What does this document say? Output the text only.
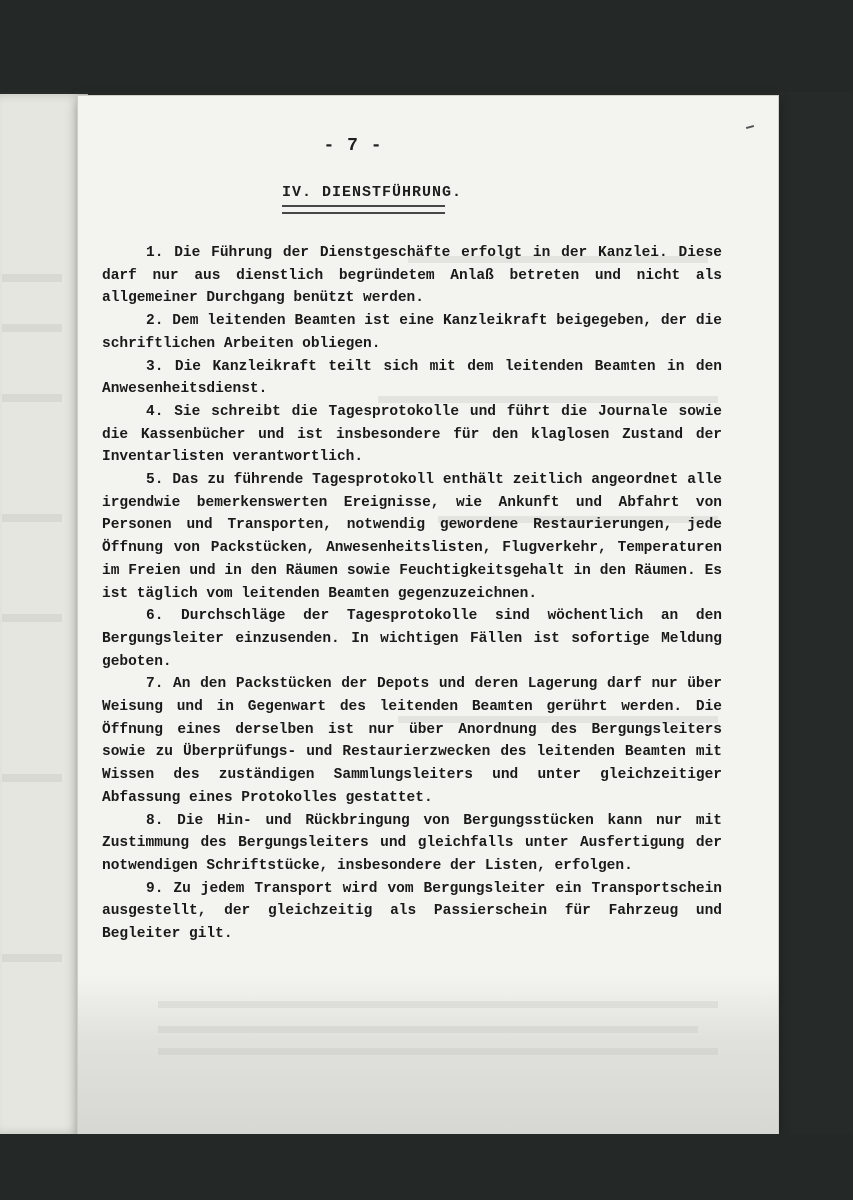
- 7 -
IV. DIENSTFÜHRUNG.

1. Die Führung der Dienstgeschäfte erfolgt in der Kanzlei. Diese darf nur aus dienstlich begründetem Anlaß betreten und nicht als allgemeiner Durchgang benützt werden.

2. Dem leitenden Beamten ist eine Kanzleikraft beigegeben, der die schriftlichen Arbeiten obliegen.

3. Die Kanzleikraft teilt sich mit dem leitenden Beamten in den Anwesenheitsdienst.

4. Sie schreibt die Tagesprotokolle und führt die Journale sowie die Kassenbücher und ist insbesondere für den klaglosen Zustand der Inventarlisten verantwortlich.

5. Das zu führende Tagesprotokoll enthält zeitlich angeordnet alle irgendwie bemerkenswerten Ereignisse, wie Ankunft und Abfahrt von Personen und Transporten, notwendig gewordene Restaurierungen, jede Öffnung von Packstücken, Anwesenheitslisten, Flugverkehr, Temperaturen im Freien und in den Räumen sowie Feuchtigkeitsgehalt in den Räumen. Es ist täglich vom leitenden Beamten gegenzuzeichnen.

6. Durchschläge der Tagesprotokolle sind wöchentlich an den Bergungsleiter einzusenden. In wichtigen Fällen ist sofortige Meldung geboten.

7. An den Packstücken der Depots und deren Lagerung darf nur über Weisung und in Gegenwart des leitenden Beamten gerührt werden. Die Öffnung eines derselben ist nur über Anordnung des Bergungsleiters sowie zu Überprüfungs- und Restaurierzwecken des leitenden Beamten mit Wissen des zuständigen Sammlungsleiters und unter gleichzeitiger Abfassung eines Protokolles gestattet.

8. Die Hin- und Rückbringung von Bergungsstücken kann nur mit Zustimmung des Bergungsleiters und gleichfalls unter Ausfertigung der notwendigen Schriftstücke, insbesondere der Listen, erfolgen.

9. Zu jedem Transport wird vom Bergungsleiter ein Transportschein ausgestellt, der gleichzeitig als Passierschein für Fahrzeug und Begleiter gilt.
